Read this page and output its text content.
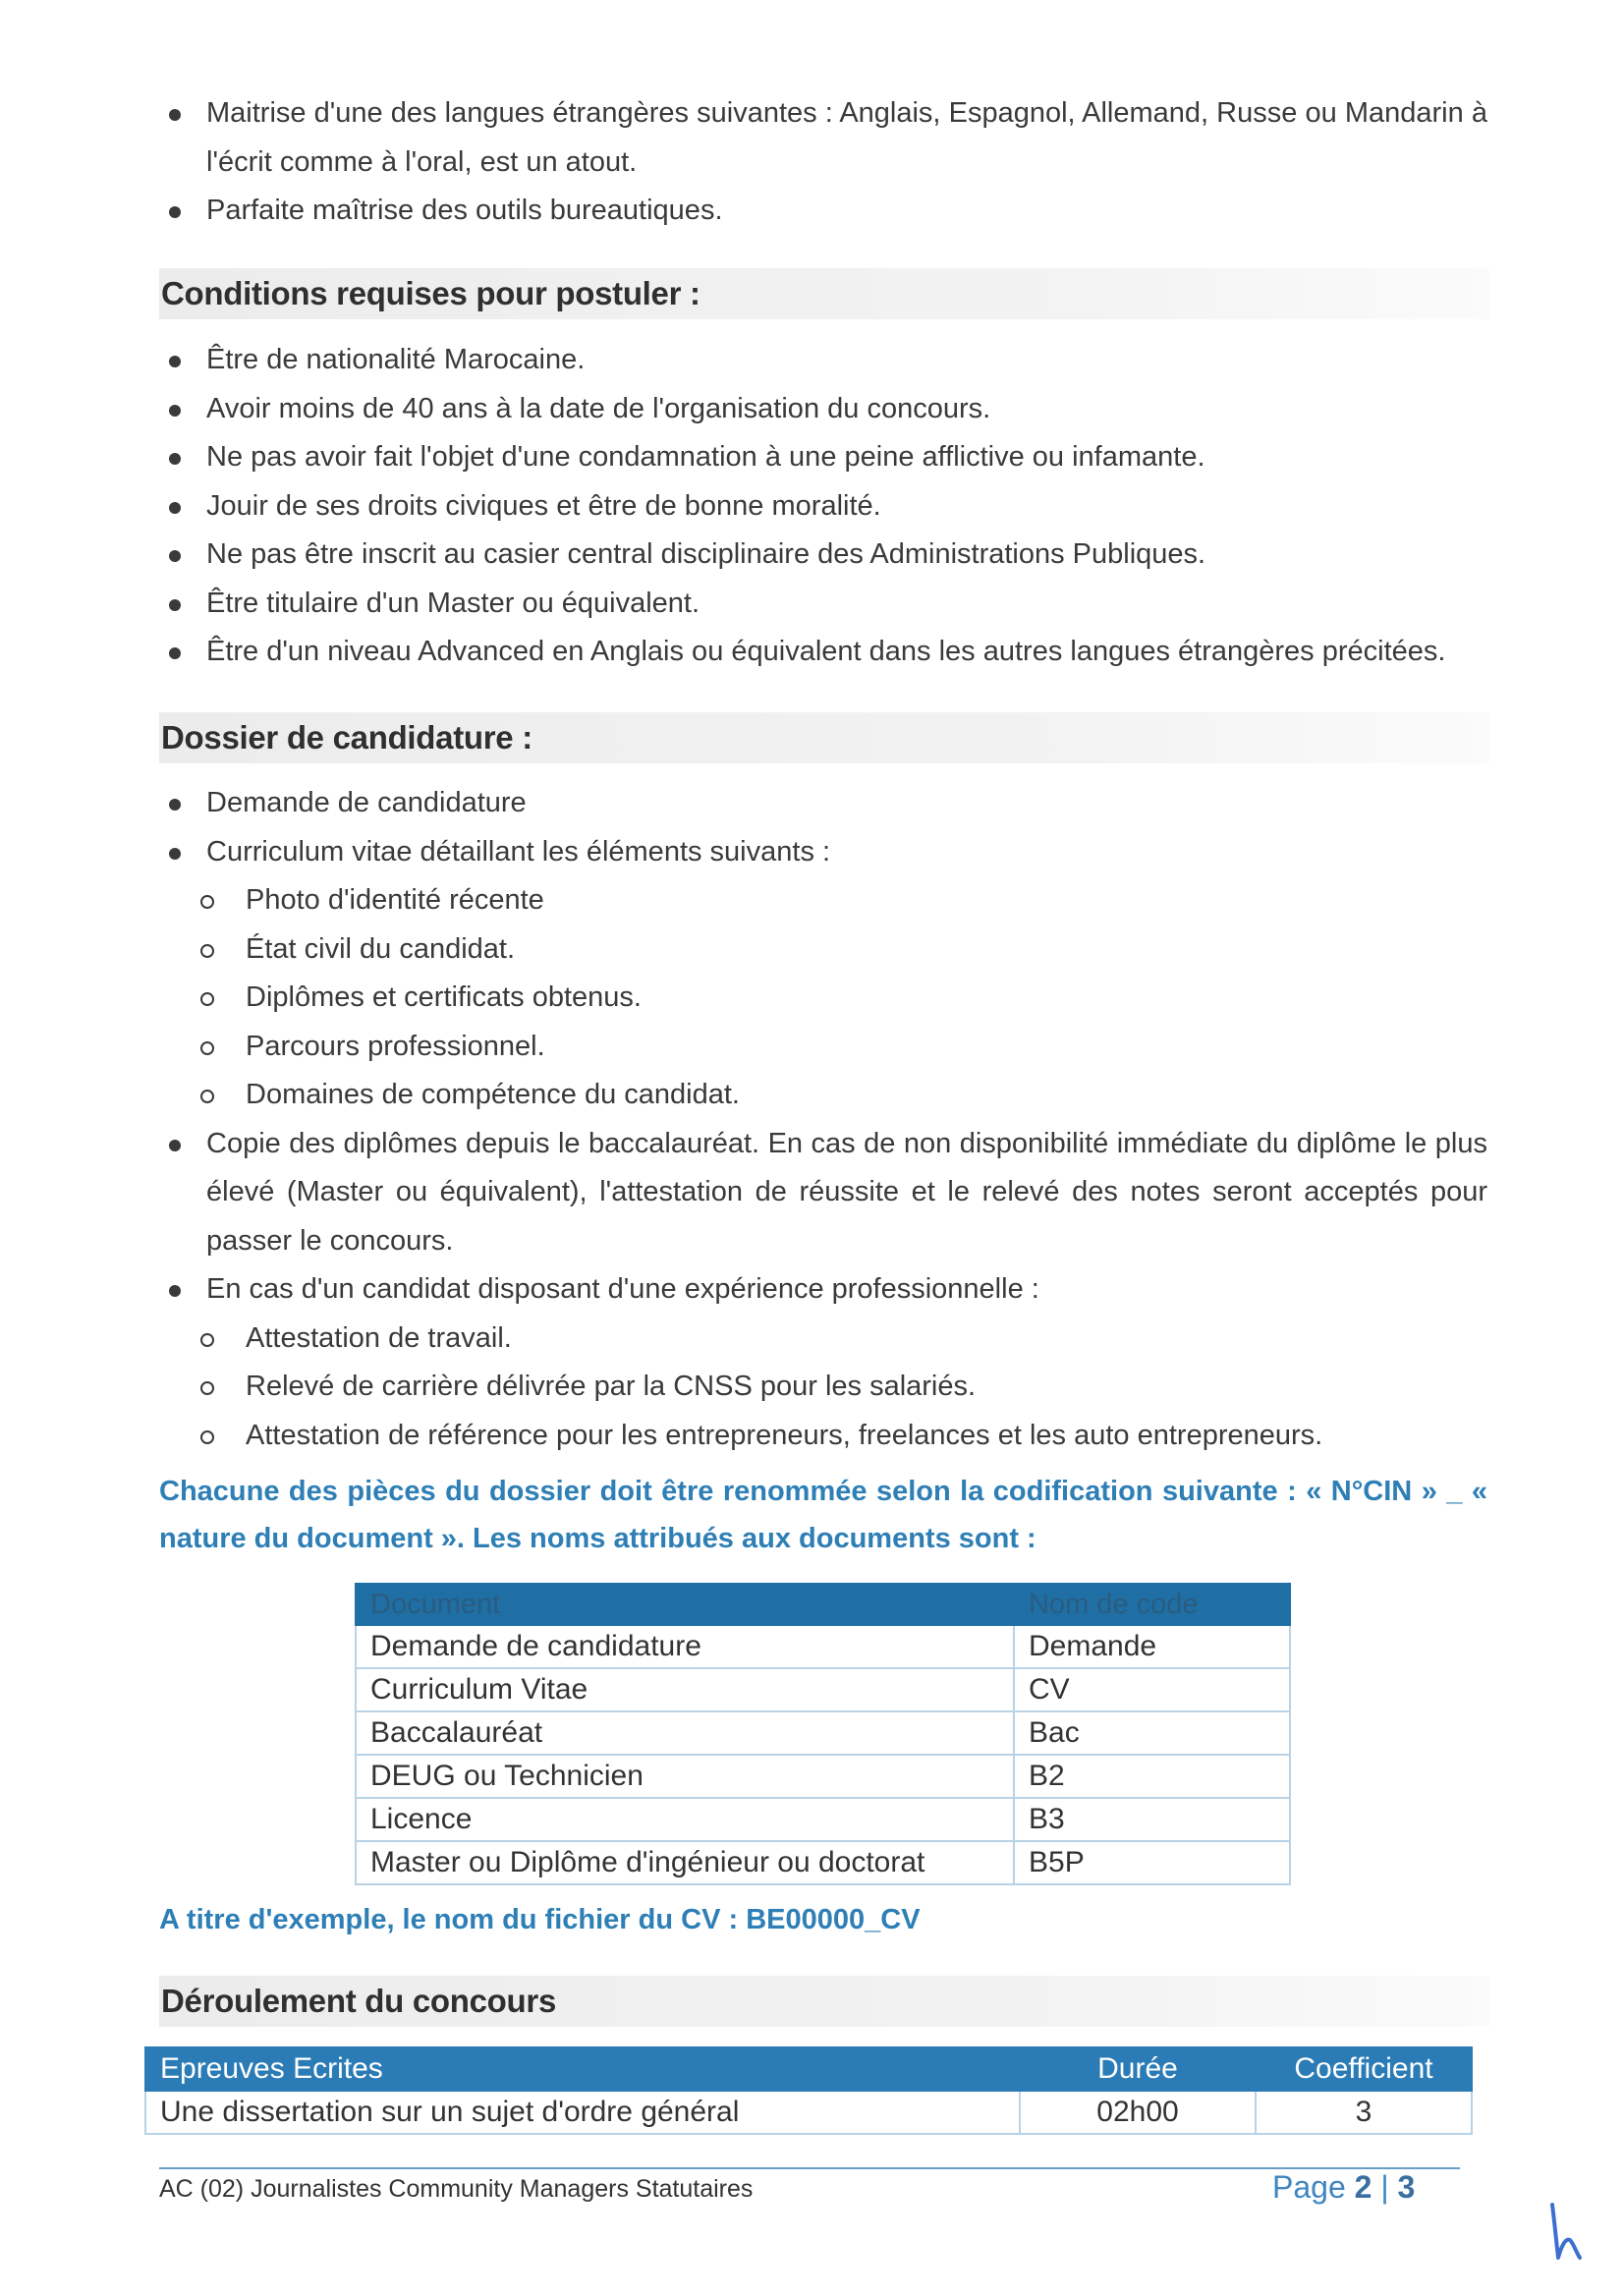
Maitrise d'une des langues étrangères suivantes : Anglais, Espagnol, Allemand, Russe ou Mandarin à l'écrit comme à l'oral, est un atout.
Parfaite maîtrise des outils bureautiques.
Conditions requises pour postuler :
Être de nationalité Marocaine.
Avoir moins de 40 ans à la date de l'organisation du concours.
Ne pas avoir fait l'objet d'une condamnation à une peine afflictive ou infamante.
Jouir de ses droits civiques et être de bonne moralité.
Ne pas être inscrit au casier central disciplinaire des Administrations Publiques.
Être titulaire d'un Master ou équivalent.
Être d'un niveau Advanced en Anglais ou équivalent dans les autres langues étrangères précitées.
Dossier de candidature :
Demande de candidature
Curriculum vitae détaillant les éléments suivants :
Photo d'identité récente
État civil du candidat.
Diplômes et certificats obtenus.
Parcours professionnel.
Domaines de compétence du candidat.
Copie des diplômes depuis le baccalauréat. En cas de non disponibilité immédiate du diplôme le plus élevé (Master ou équivalent), l'attestation de réussite et le relevé des notes seront acceptés pour passer le concours.
En cas d'un candidat disposant d'une expérience professionnelle :
Attestation de travail.
Relevé de carrière délivrée par la CNSS pour les salariés.
Attestation de référence pour les entrepreneurs, freelances et les auto entrepreneurs.
Chacune des pièces du dossier doit être renommée selon la codification suivante : « N°CIN » _ « nature du document ». Les noms attribués aux documents sont :
Document	Nom de code
Demande de candidature	Demande
Curriculum Vitae	CV
Baccalauréat	Bac
DEUG ou Technicien	B2
Licence	B3
Master ou Diplôme d'ingénieur ou doctorat	B5P
A titre d'exemple, le nom du fichier du CV : BE00000_CV
Déroulement du concours
Epreuves Ecrites	Durée	Coefficient
Une dissertation sur un sujet d'ordre général	02h00	3
AC (02) Journalistes Community Managers Statutaires	Page 2 | 3
